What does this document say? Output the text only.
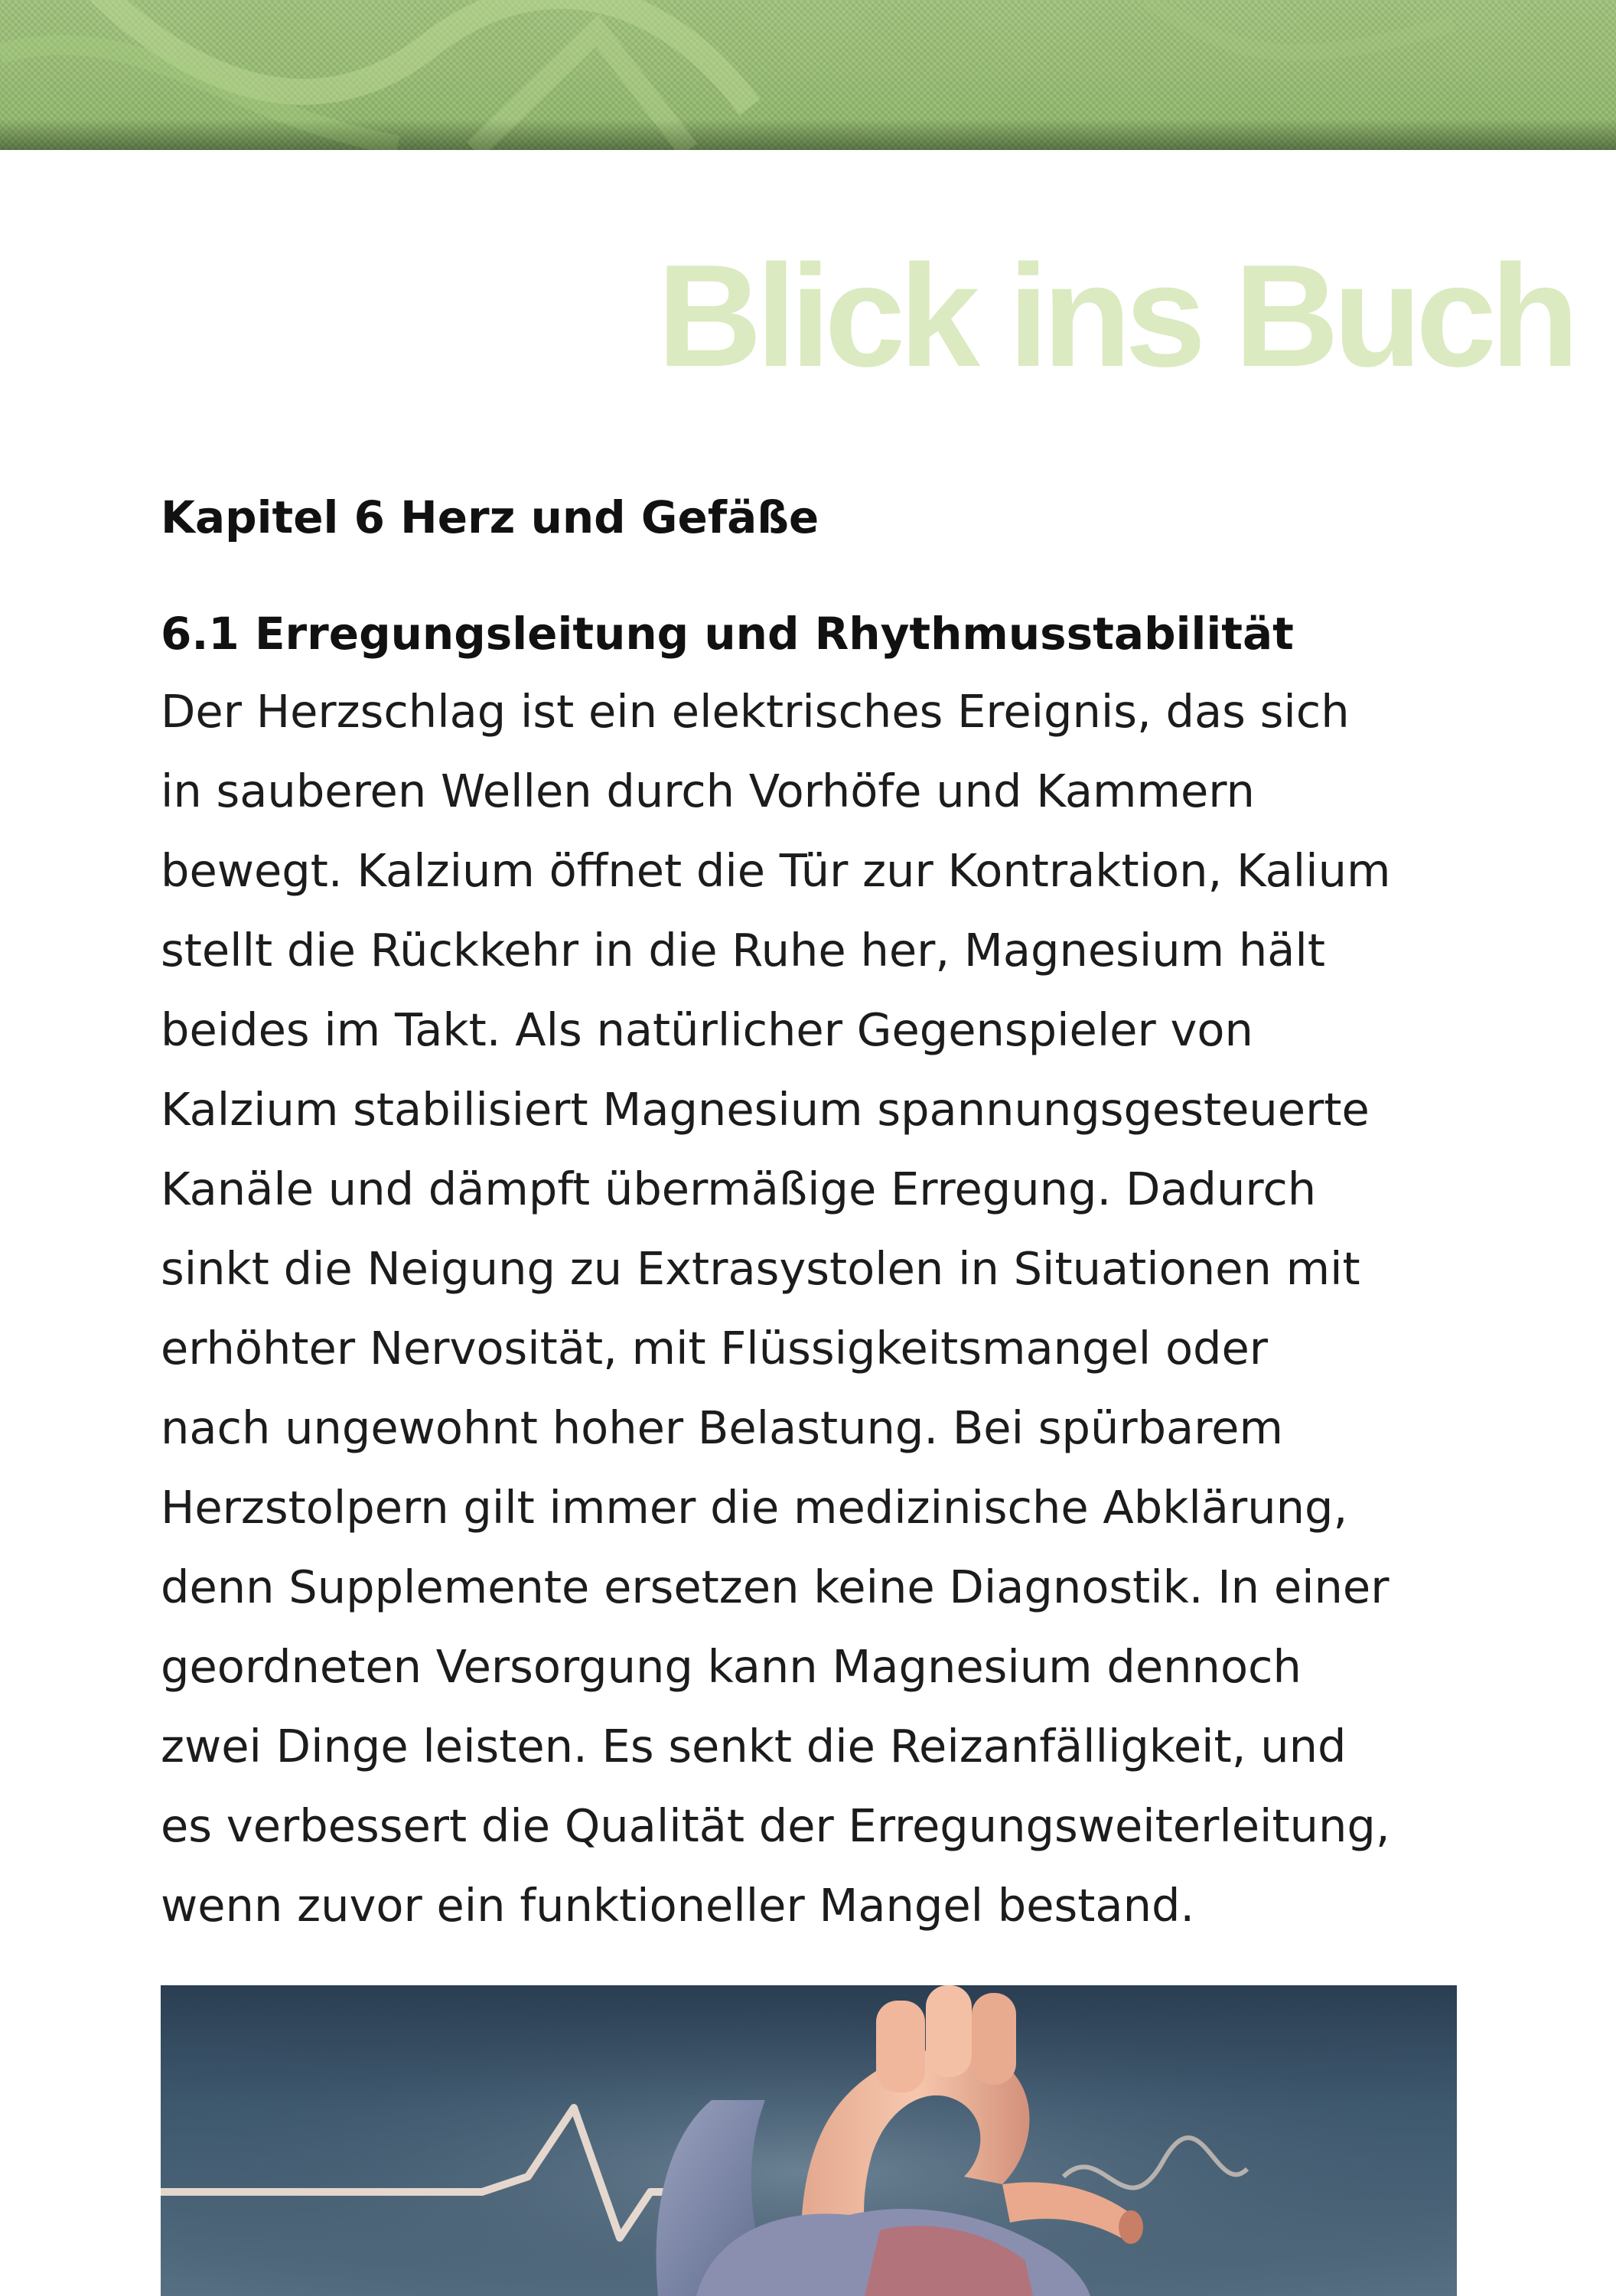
Blick ins Buch
Kapitel 6 Herz und Gefäße
6.1 Erregungsleitung und Rhythmusstabilität

Der Herzschlag ist ein elektrisches Ereignis, das sich
in sauberen Wellen durch Vorhöfe und Kammern
bewegt. Kalzium öffnet die Tür zur Kontraktion, Kalium
stellt die Rückkehr in die Ruhe her, Magnesium hält
beides im Takt. Als natürlicher Gegenspieler von
Kalzium stabilisiert Magnesium spannungsgesteuerte
Kanäle und dämpft übermäßige Erregung. Dadurch
sinkt die Neigung zu Extrasystolen in Situationen mit
erhöhter Nervosität, mit Flüssigkeitsmangel oder
nach ungewohnt hoher Belastung. Bei spürbarem
Herzstolpern gilt immer die medizinische Abklärung,
denn Supplemente ersetzen keine Diagnostik. In einer
geordneten Versorgung kann Magnesium dennoch
zwei Dinge leisten. Es senkt die Reizanfälligkeit, und
es verbessert die Qualität der Erregungsweiterleitung,
wenn zuvor ein funktioneller Mangel bestand.
